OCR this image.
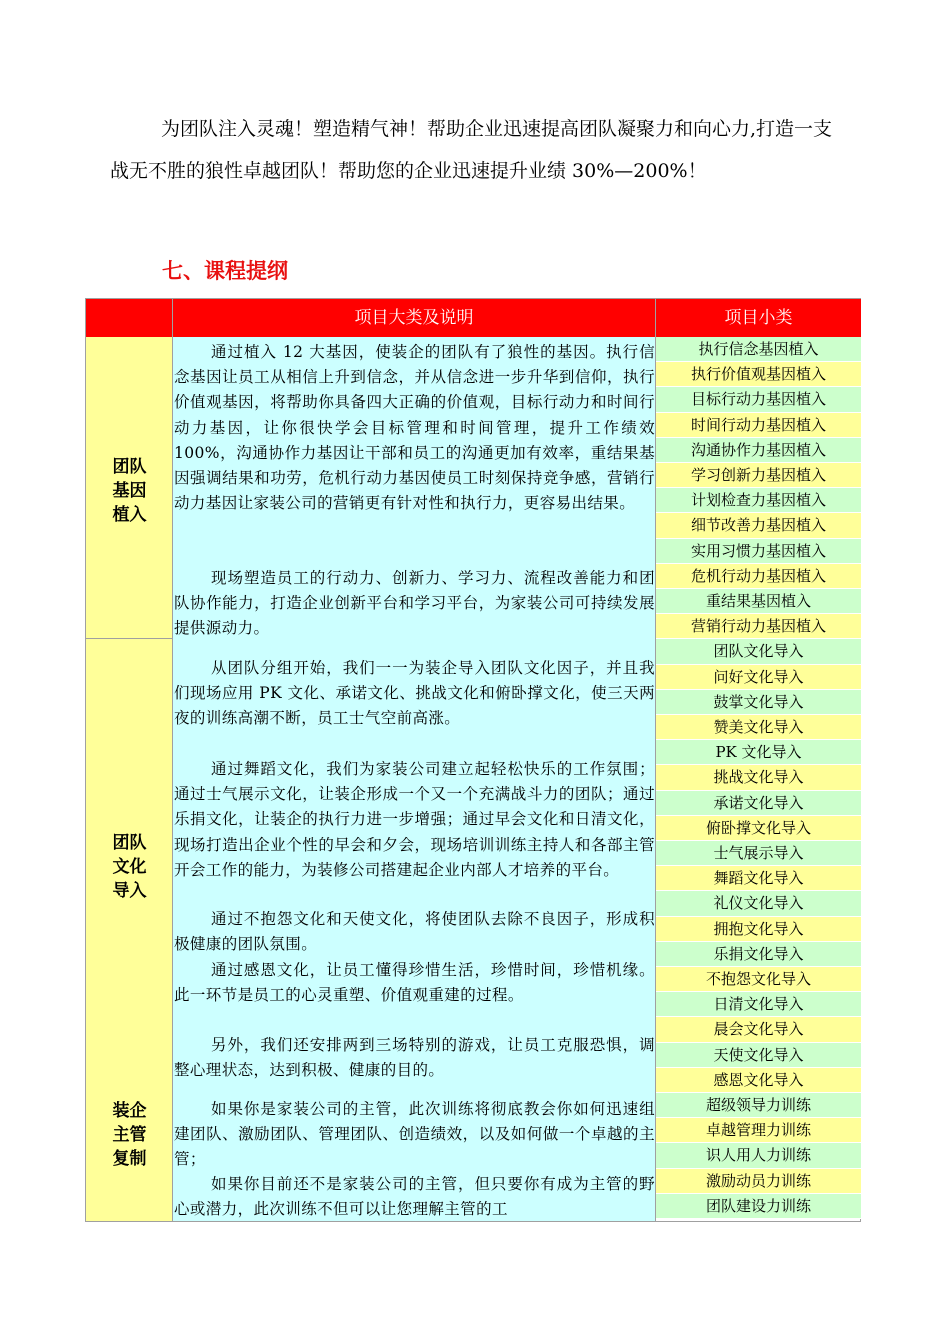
为团队注入灵魂！塑造精气神！帮助企业迅速提高团队凝聚力和向心力,打造一支战无不胜的狼性卓越团队！帮助您的企业迅速提升业绩 30%—200%！
七、课程提纲
项目大类及说明	项目小类
团队
基因
植入
团队
文化
导入
装企
主管
复制
通过植入 12 大基因，使装企的团队有了狼性的基因。执行信念基因让员工从相信上升到信念，并从信念进一步升华到信仰，执行价值观基因，将帮助你具备四大正确的价值观，目标行动力和时间行动力基因，让你很快学会目标管理和时间管理，提升工作绩效 100%，沟通协作力基因让干部和员工的沟通更加有效率，重结果基因强调结果和功劳，危机行动力基因使员工时刻保持竞争感，营销行动力基因让家装公司的营销更有针对性和执行力，更容易出结果。
现场塑造员工的行动力、创新力、学习力、流程改善能力和团队协作能力，打造企业创新平台和学习平台，为家装公司可持续发展提供源动力。
从团队分组开始，我们一一为装企导入团队文化因子，并且我们现场应用 PK 文化、承诺文化、挑战文化和俯卧撑文化，使三天两夜的训练高潮不断，员工士气空前高涨。
通过舞蹈文化，我们为家装公司建立起轻松快乐的工作氛围；通过士气展示文化，让装企形成一个又一个充满战斗力的团队；通过乐捐文化，让装企的执行力进一步增强；通过早会文化和日清文化，现场打造出企业个性的早会和夕会，现场培训训练主持人和各部主管开会工作的能力，为装修公司搭建起企业内部人才培养的平台。
通过不抱怨文化和天使文化，将使团队去除不良因子，形成积极健康的团队氛围。
通过感恩文化，让员工懂得珍惜生活，珍惜时间，珍惜机缘。此一环节是员工的心灵重塑、价值观重建的过程。
另外，我们还安排两到三场特别的游戏，让员工克服恐惧，调整心理状态，达到积极、健康的目的。
如果你是家装公司的主管，此次训练将彻底教会你如何迅速组建团队、激励团队、管理团队、创造绩效，以及如何做一个卓越的主管；
如果你目前还不是家装公司的主管，但只要你有成为主管的野心或潜力，此次训练不但可以让您理解主管的工
执行信念基因植入
执行价值观基因植入
目标行动力基因植入
时间行动力基因植入
沟通协作力基因植入
学习创新力基因植入
计划检查力基因植入
细节改善力基因植入
实用习惯力基因植入
危机行动力基因植入
重结果基因植入
营销行动力基因植入
团队文化导入
问好文化导入
鼓掌文化导入
赞美文化导入
PK 文化导入
挑战文化导入
承诺文化导入
俯卧撑文化导入
士气展示导入
舞蹈文化导入
礼仪文化导入
拥抱文化导入
乐捐文化导入
不抱怨文化导入
日清文化导入
晨会文化导入
天使文化导入
感恩文化导入
超级领导力训练
卓越管理力训练
识人用人力训练
激励动员力训练
团队建设力训练
